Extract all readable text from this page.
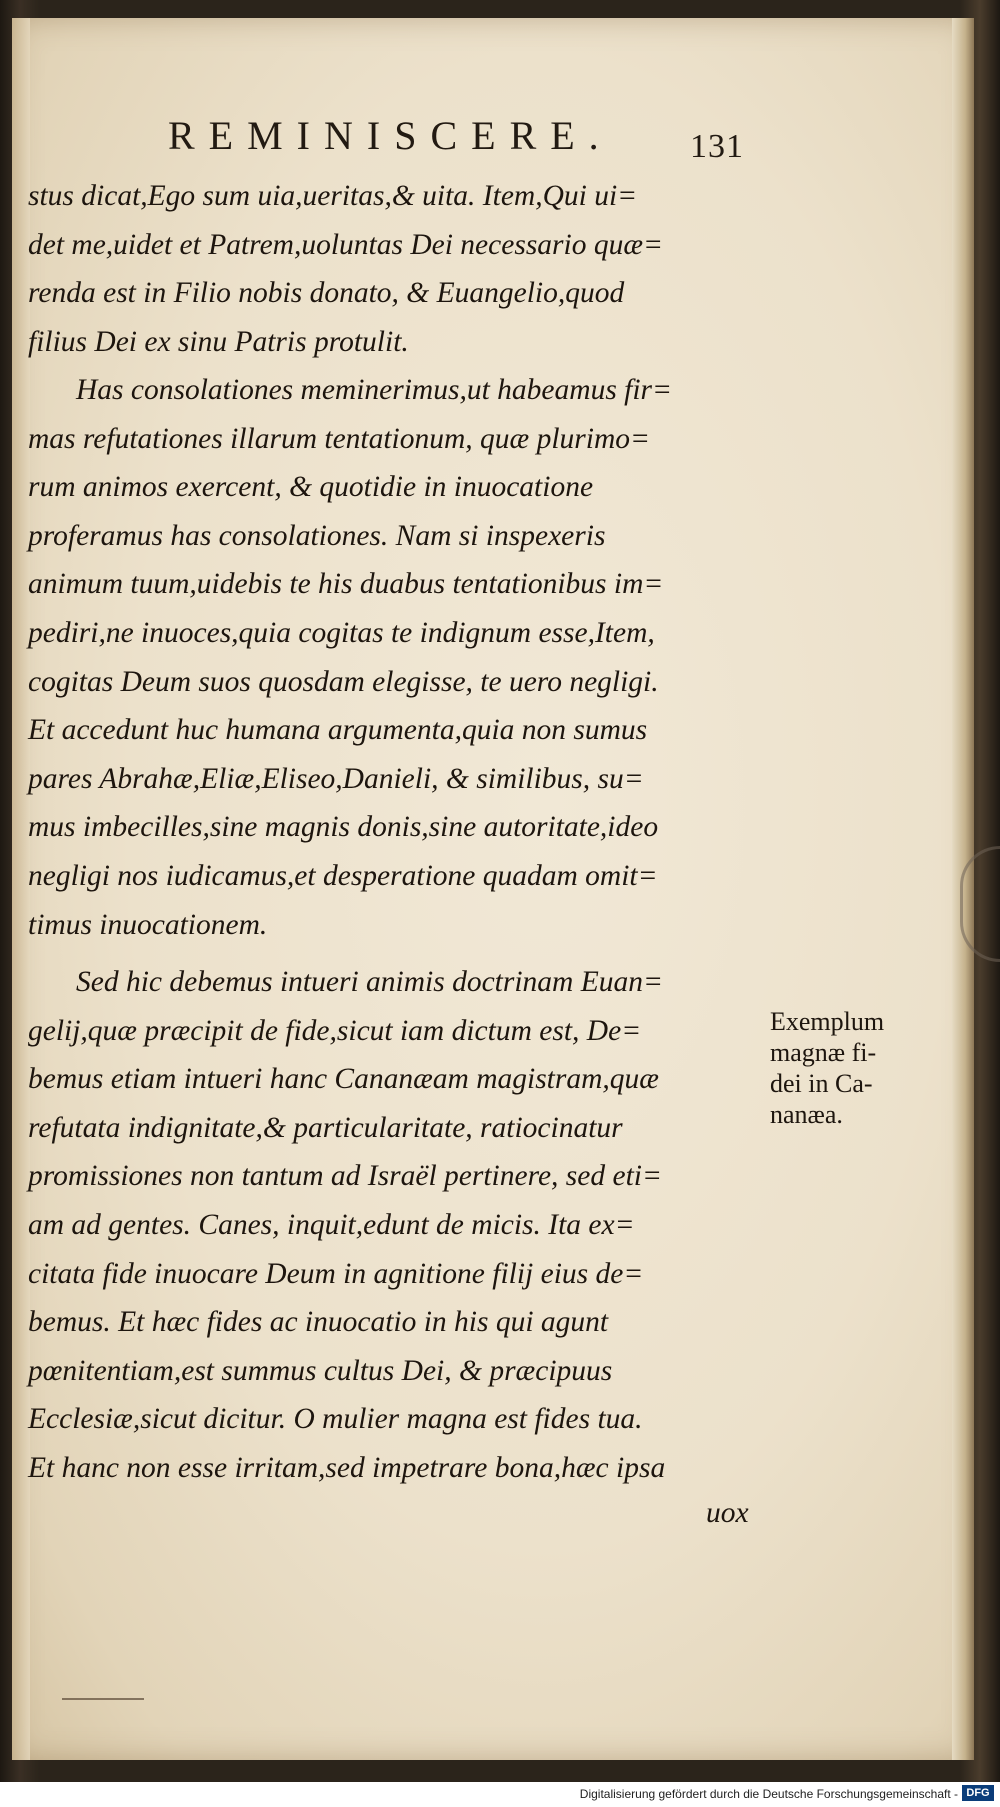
REMINISCERE. 131
stus dicat,Ego sum uia,ueritas,& uita. Item,Qui ui=
det me,uidet et Patrem,uoluntas Dei necessario quæ=
renda est in Filio nobis donato, & Euangelio,quod
filius Dei ex sinu Patris protulit.
Has consolationes meminerimus,ut habeamus fir=
mas refutationes illarum tentationum, quæ plurimo=
rum animos exercent, & quotidie in inuocatione
proferamus has consolationes. Nam si inspexeris
animum tuum,uidebis te his duabus tentationibus im=
pediri,ne inuoces,quia cogitas te indignum esse,Item,
cogitas Deum suos quosdam elegisse, te uero negligi.
Et accedunt huc humana argumenta,quia non sumus
pares Abrahæ,Eliæ,Eliseo,Danieli, & similibus, su=
mus imbecilles,sine magnis donis,sine autoritate,ideo
negligi nos iudicamus,et desperatione quadam omit=
timus inuocationem.
Sed hic debemus intueri animis doctrinam Euan=
gelij,quæ præcipit de fide,sicut iam dictum est, De=
bemus etiam intueri hanc Cananæam magistram,quæ
refutata indignitate,& particularitate, ratiocinatur
promissiones non tantum ad Israël pertinere, sed eti=
am ad gentes. Canes, inquit,edunt de micis. Ita ex=
citata fide inuocare Deum in agnitione filij eius de=
bemus. Et hæc fides ac inuocatio in his qui agunt
pœnitentiam,est summus cultus Dei, & præcipuus
Ecclesiæ,sicut dicitur. O mulier magna est fides tua.
Et hanc non esse irritam,sed impetrare bona,hæc ipsa
Exemplum
magnæ fi-
dei in Ca-
nanæa.
uox
Digitalisierung gefördert durch die Deutsche Forschungsgemeinschaft - DFG
